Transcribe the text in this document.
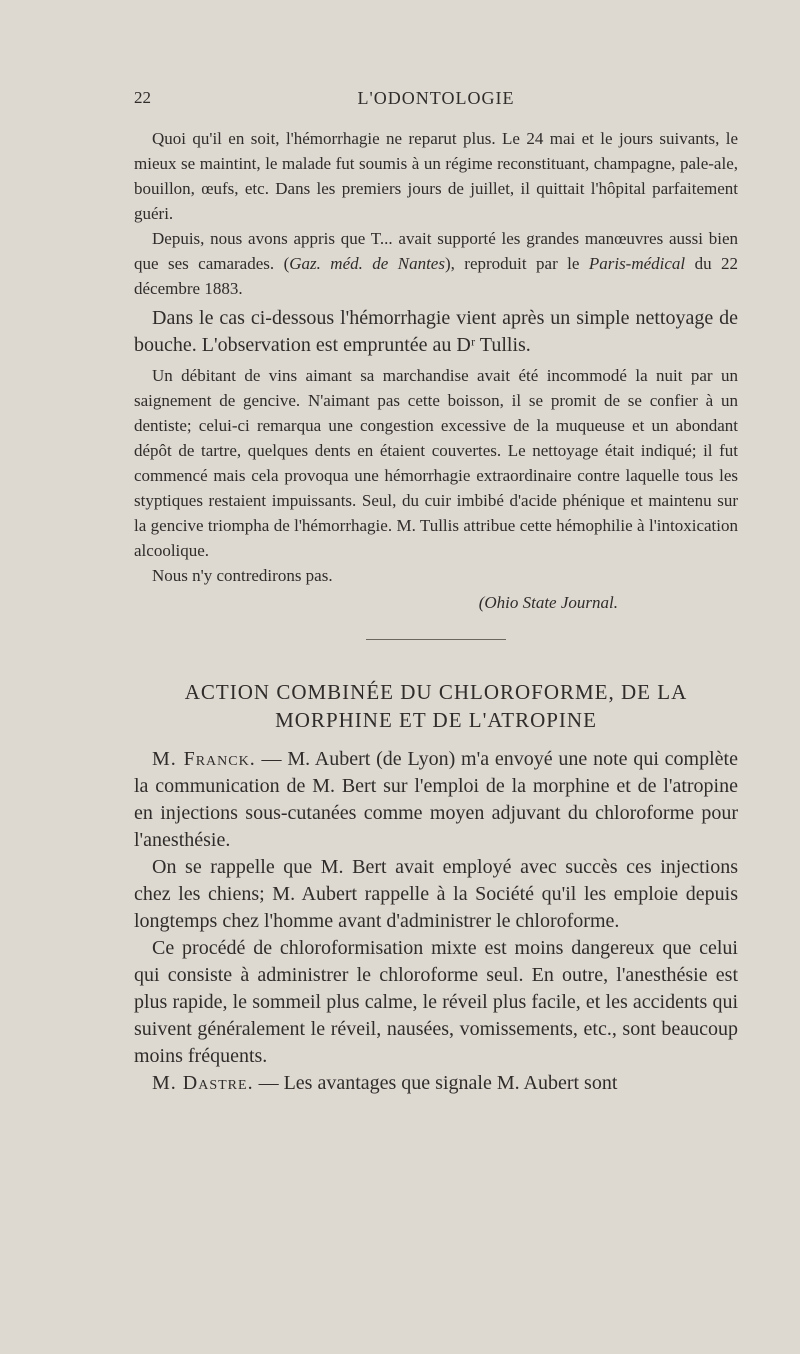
22	L'ODONTOLOGIE

Quoi qu'il en soit, l'hémorrhagie ne reparut plus. Le 24 mai et le jours suivants, le mieux se maintint, le malade fut soumis à un régime reconstituant, champagne, pale-ale, bouillon, œufs, etc. Dans les premiers jours de juillet, il quittait l'hôpital parfaitement guéri.

Depuis, nous avons appris que T... avait supporté les grandes manœuvres aussi bien que ses camarades. (Gaz. méd. de Nantes), reproduit par le Paris-médical du 22 décembre 1883.

Dans le cas ci-dessous l'hémorrhagie vient après un simple nettoyage de bouche. L'observation est empruntée au Dʳ Tullis.

Un débitant de vins aimant sa marchandise avait été incommodé la nuit par un saignement de gencive. N'aimant pas cette boisson, il se promit de se confier à un dentiste; celui-ci remarqua une congestion excessive de la muqueuse et un abondant dépôt de tartre, quelques dents en étaient couvertes. Le nettoyage était indiqué; il fut commencé mais cela provoqua une hémorrhagie extraordinaire contre laquelle tous les styptiques restaient impuissants. Seul, du cuir imbibé d'acide phénique et maintenu sur la gencive triompha de l'hémorrhagie. M. Tullis attribue cette hémophilie à l'intoxication alcoolique.

Nous n'y contredirons pas.

(Ohio State Journal.

ACTION COMBINÉE DU CHLOROFORME, DE LA
MORPHINE ET DE L'ATROPINE

M. Franck. — M. Aubert (de Lyon) m'a envoyé une note qui complète la communication de M. Bert sur l'emploi de la morphine et de l'atropine en injections sous-cutanées comme moyen adjuvant du chloroforme pour l'anesthésie.

On se rappelle que M. Bert avait employé avec succès ces injections chez les chiens; M. Aubert rappelle à la Société qu'il les emploie depuis longtemps chez l'homme avant d'administrer le chloroforme.

Ce procédé de chloroformisation mixte est moins dangereux que celui qui consiste à administrer le chloroforme seul. En outre, l'anesthésie est plus rapide, le sommeil plus calme, le réveil plus facile, et les accidents qui suivent généralement le réveil, nausées, vomissements, etc., sont beaucoup moins fréquents.

M. Dastre. — Les avantages que signale M. Aubert sont
